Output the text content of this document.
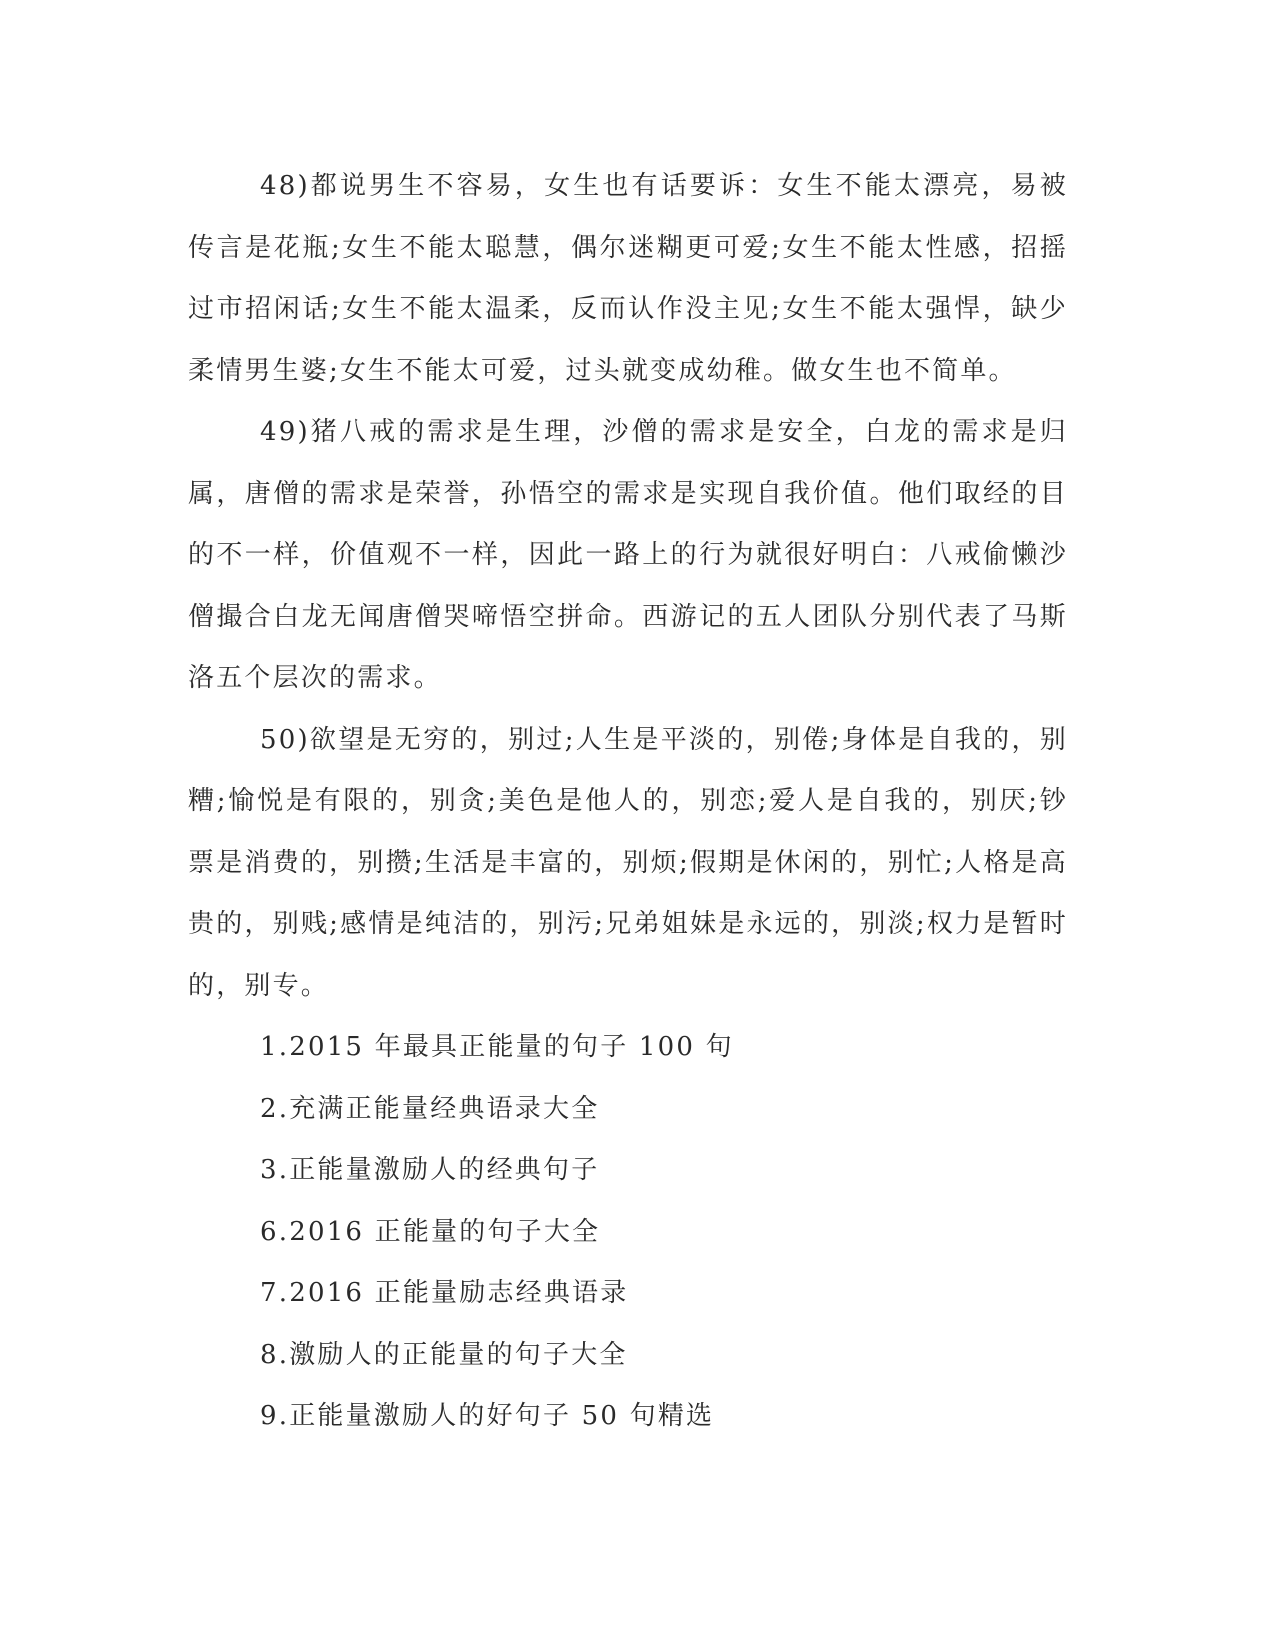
48)都说男生不容易，女生也有话要诉：女生不能太漂亮，易被传言是花瓶;女生不能太聪慧，偶尔迷糊更可爱;女生不能太性感，招摇过市招闲话;女生不能太温柔，反而认作没主见;女生不能太强悍，缺少柔情男生婆;女生不能太可爱，过头就变成幼稚。做女生也不简单。

49)猪八戒的需求是生理，沙僧的需求是安全，白龙的需求是归属，唐僧的需求是荣誉，孙悟空的需求是实现自我价值。他们取经的目的不一样，价值观不一样，因此一路上的行为就很好明白：八戒偷懒沙僧撮合白龙无闻唐僧哭啼悟空拼命。西游记的五人团队分别代表了马斯洛五个层次的需求。

50)欲望是无穷的，别过;人生是平淡的，别倦;身体是自我的，别糟;愉悦是有限的，别贪;美色是他人的，别恋;爱人是自我的，别厌;钞票是消费的，别攒;生活是丰富的，别烦;假期是休闲的，别忙;人格是高贵的，别贱;感情是纯洁的，别污;兄弟姐妹是永远的，别淡;权力是暂时的，别专。

1.2015 年最具正能量的句子 100 句
2.充满正能量经典语录大全
3.正能量激励人的经典句子
6.2016 正能量的句子大全
7.2016 正能量励志经典语录
8.激励人的正能量的句子大全
9.正能量激励人的好句子 50 句精选
